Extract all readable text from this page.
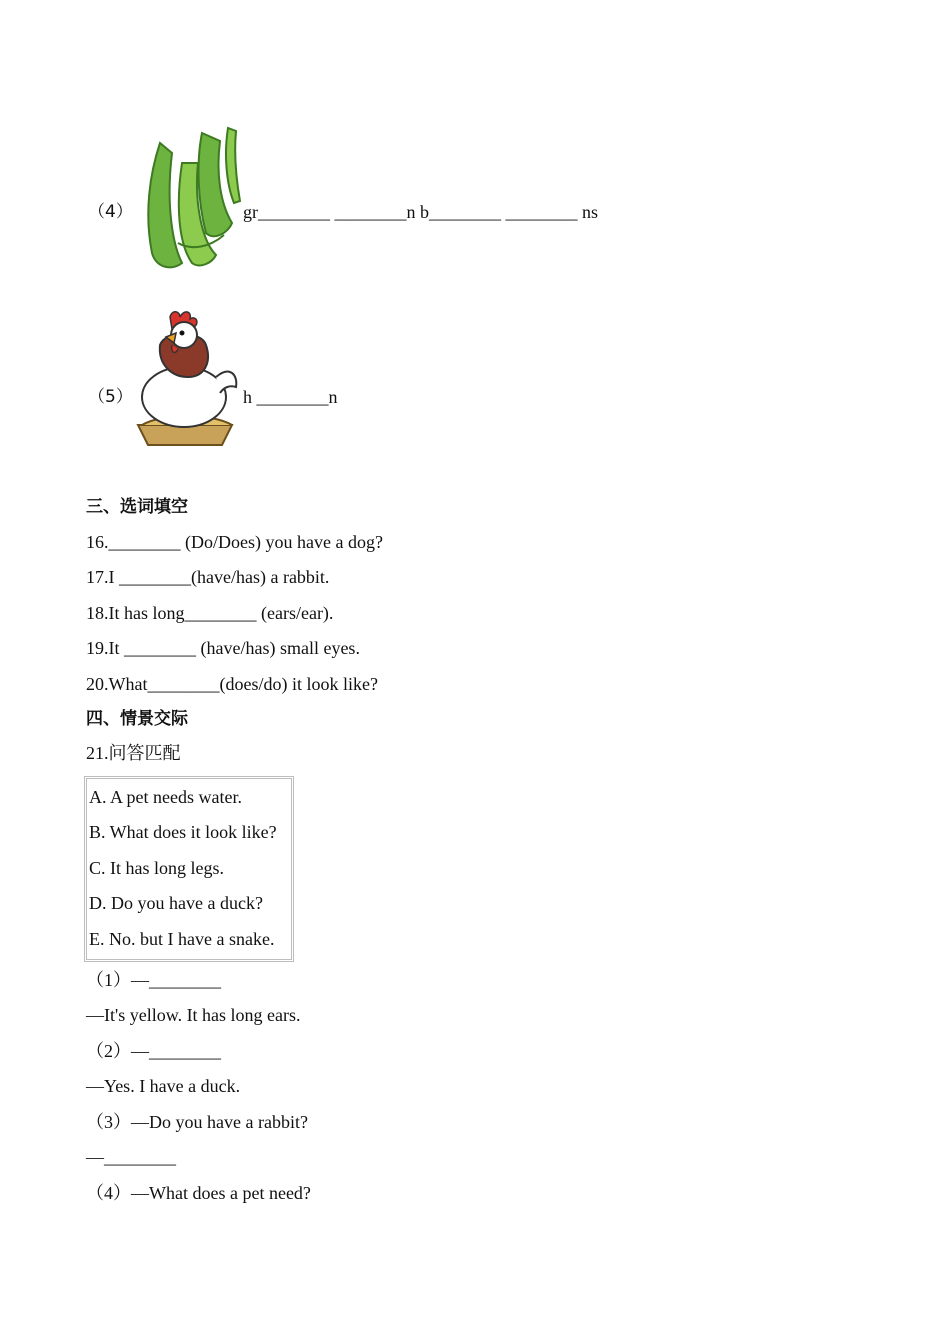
（4）	gr________ ________n b________ ________ ns
（5）	h ________n
三、选词填空
16.________ (Do/Does) you have a dog?
17.I ________(have/has) a rabbit.
18.It has long________ (ears/ear).
19.It ________ (have/has) small eyes.
20.What________(does/do) it look like?
四、情景交际
21.问答匹配
A. A pet needs water.
B. What does it look like?
C. It has long legs.
D. Do you have a duck?
E. No. but I have a snake.
（1）—________
—It's yellow. It has long ears.
（2）—________
—Yes. I have a duck.
（3）—Do you have a rabbit?
—________
（4）—What does a pet need?
